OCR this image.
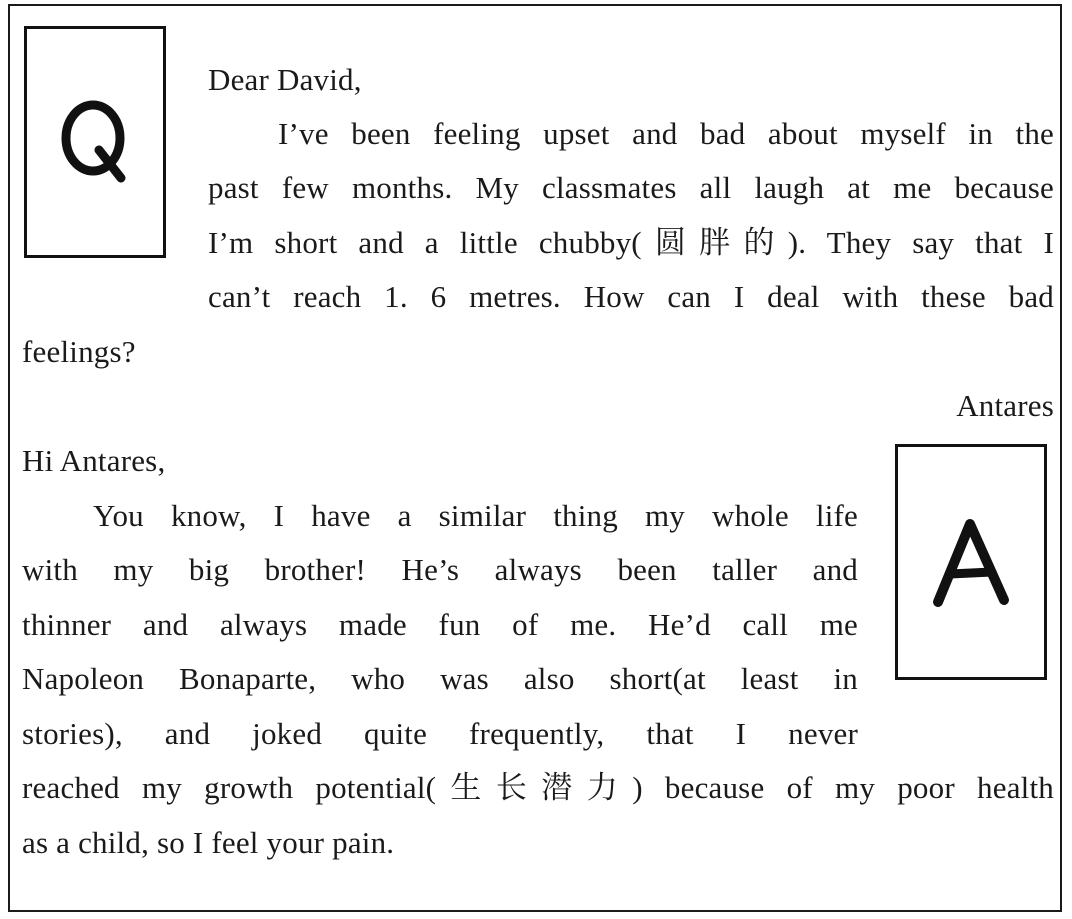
Dear David,
I’ve been feeling upset and bad about myself in the
past few months. My classmates all laugh at me because
I’m short and a little chubby(圆胖的). They say that I
can’t reach 1. 6 metres. How can I deal with these bad
feelings?
Antares
Hi Antares,
You know, I have a similar thing my whole life
with my big brother! He’s always been taller and
thinner and always made fun of me. He’d call me
Napoleon Bonaparte, who was also short(at least in
stories), and joked quite frequently, that I never
reached my growth potential(生长潜力) because of my poor health
as a child, so I feel your pain.
